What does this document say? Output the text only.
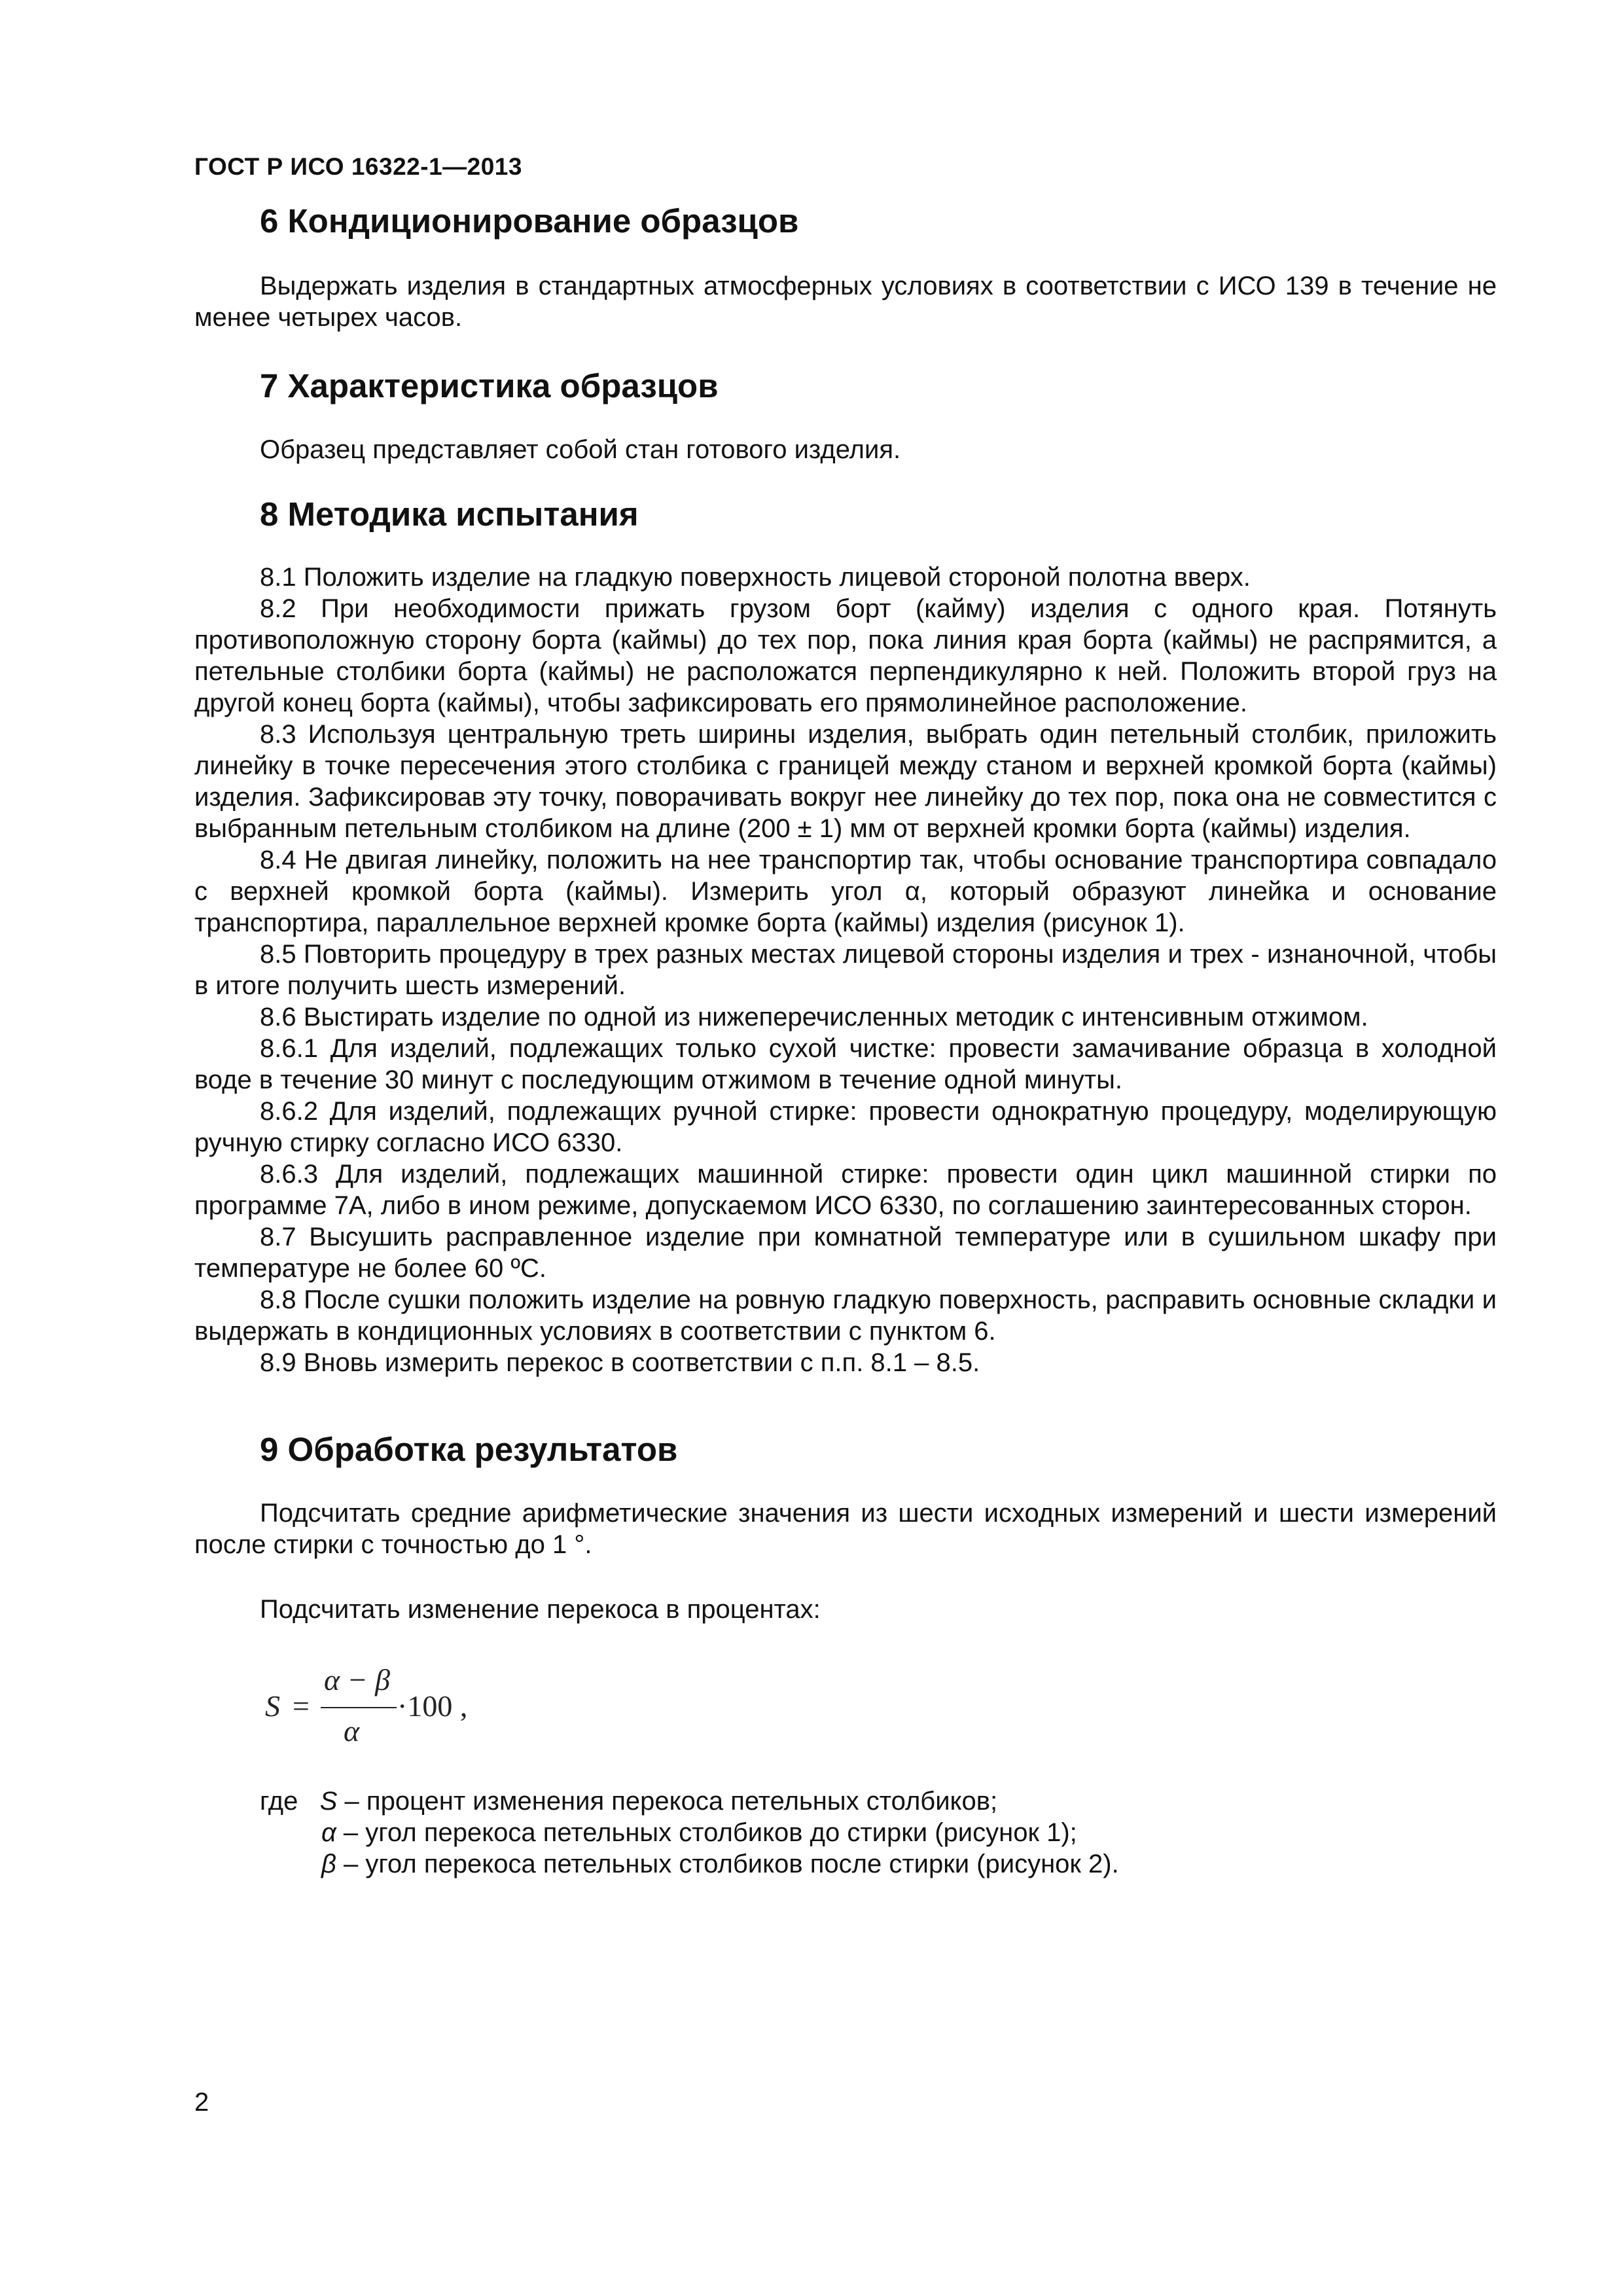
ГОСТ Р ИСО 16322-1—2013
6 Кондиционирование образцов

Выдержать изделия в стандартных атмосферных условиях в соответствии с ИСО 139 в течение не менее четырех часов.

7 Характеристика образцов

Образец представляет собой стан готового изделия.

8 Методика испытания

8.1 Положить изделие на гладкую поверхность лицевой стороной полотна вверх.

8.2 При необходимости прижать грузом борт (кайму) изделия с одного края. Потянуть противоположную сторону борта (каймы) до тех пор, пока линия края борта (каймы) не распрямится, а петельные столбики борта (каймы) не расположатся перпендикулярно к ней. Положить второй груз на другой конец борта (каймы), чтобы зафиксировать его прямолинейное расположение.

8.3 Используя центральную треть ширины изделия, выбрать один петельный столбик, приложить линейку в точке пересечения этого столбика с границей между станом и верхней кромкой борта (каймы) изделия. Зафиксировав эту точку, поворачивать вокруг нее линейку до тех пор, пока она не совместится с выбранным петельным столбиком на длине (200 ± 1) мм от верхней кромки борта (каймы) изделия.

8.4 Не двигая линейку, положить на нее транспортир так, чтобы основание транспортира совпадало с верхней кромкой борта (каймы). Измерить угол α, который образуют линейка и основание транспортира, параллельное верхней кромке борта (каймы) изделия (рисунок 1).

8.5 Повторить процедуру в трех разных местах лицевой стороны изделия и трех - изнаночной, чтобы в итоге получить шесть измерений.

8.6 Выстирать изделие по одной из нижеперечисленных методик с интенсивным отжимом.

8.6.1 Для изделий, подлежащих только сухой чистке: провести замачивание образца в холодной воде в течение 30 минут с последующим отжимом в течение одной минуты.

8.6.2 Для изделий, подлежащих ручной стирке: провести однократную процедуру, моделирующую ручную стирку согласно ИСО 6330.

8.6.3 Для изделий, подлежащих машинной стирке: провести один цикл машинной стирки по программе 7А, либо в ином режиме, допускаемом ИСО 6330, по соглашению заинтересованных сторон.

8.7 Высушить расправленное изделие при комнатной температуре или в сушильном шкафу при температуре не более 60 ºС.

8.8 После сушки положить изделие на ровную гладкую поверхность, расправить основные складки и выдержать в кондиционных условиях в соответствии с пунктом 6.

8.9 Вновь измерить перекос в соответствии с п.п. 8.1 – 8.5.

9 Обработка результатов

Подсчитать средние арифметические значения из шести исходных измерений и шести измерений после стирки с точностью до 1 °.

Подсчитать изменение перекоса в процентах:

S =
α − β
α
·100 ,
где S – процент изменения перекоса петельных столбиков;
α – угол перекоса петельных столбиков до стирки (рисунок 1);
β – угол перекоса петельных столбиков после стирки (рисунок 2).
2
